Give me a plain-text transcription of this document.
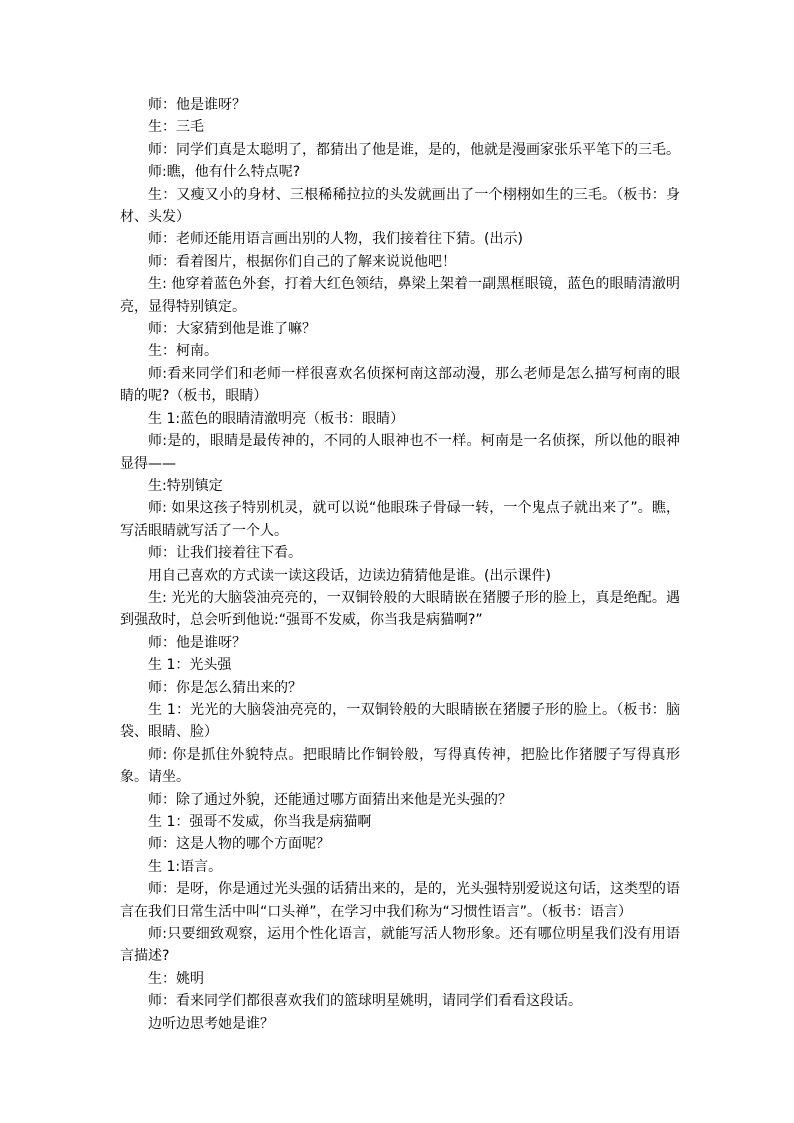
师：他是谁呀？

生：三毛

师：同学们真是太聪明了，都猜出了他是谁，是的，他就是漫画家张乐平笔下的三毛。

师:瞧，他有什么特点呢?

生：又瘦又小的身材、三根稀稀拉拉的头发就画出了一个栩栩如生的三毛。（板书：身材、头发）

师：老师还能用语言画出别的人物，我们接着往下猜。(出示)

师：看着图片，根据你们自己的了解来说说他吧！

生: 他穿着蓝色外套，打着大红色领结，鼻梁上架着一副黑框眼镜，蓝色的眼睛清澈明亮，显得特别镇定。

师：大家猜到他是谁了嘛？

生：柯南。

师:看来同学们和老师一样很喜欢名侦探柯南这部动漫，那么老师是怎么描写柯南的眼睛的呢?（板书，眼睛）

生 1:蓝色的眼睛清澈明亮（板书：眼睛）

师:是的，眼睛是最传神的，不同的人眼神也不一样。柯南是一名侦探，所以他的眼神显得——

生:特别镇定

师: 如果这孩子特别机灵，就可以说“他眼珠子骨碌一转，一个鬼点子就出来了”。瞧，写活眼睛就写活了一个人。

师：让我们接着往下看。

用自己喜欢的方式读一读这段话，边读边猜猜他是谁。(出示课件)

生: 光光的大脑袋油亮亮的，一双铜铃般的大眼睛嵌在猪腰子形的脸上，真是绝配。遇到强敌时，总会听到他说:“强哥不发威，你当我是病猫啊?”

师：他是谁呀？

生 1：光头强

师：你是怎么猜出来的？

生 1：光光的大脑袋油亮亮的，一双铜铃般的大眼睛嵌在猪腰子形的脸上。（板书：脑袋、眼睛、脸）

师: 你是抓住外貌特点。把眼睛比作铜铃般，写得真传神，把脸比作猪腰子写得真形象。请坐。

师：除了通过外貌，还能通过哪方面猜出来他是光头强的？

生 1：强哥不发威，你当我是病猫啊

师：这是人物的哪个方面呢？

生 1:语言。

师：是呀，你是通过光头强的话猜出来的，是的，光头强特别爱说这句话，这类型的语言在我们日常生活中叫“口头禅”，在学习中我们称为“习惯性语言”。（板书：语言）

师:只要细致观察，运用个性化语言，就能写活人物形象。还有哪位明星我们没有用语言描述?

生：姚明

师：看来同学们都很喜欢我们的篮球明星姚明，请同学们看看这段话。

边听边思考她是谁？
